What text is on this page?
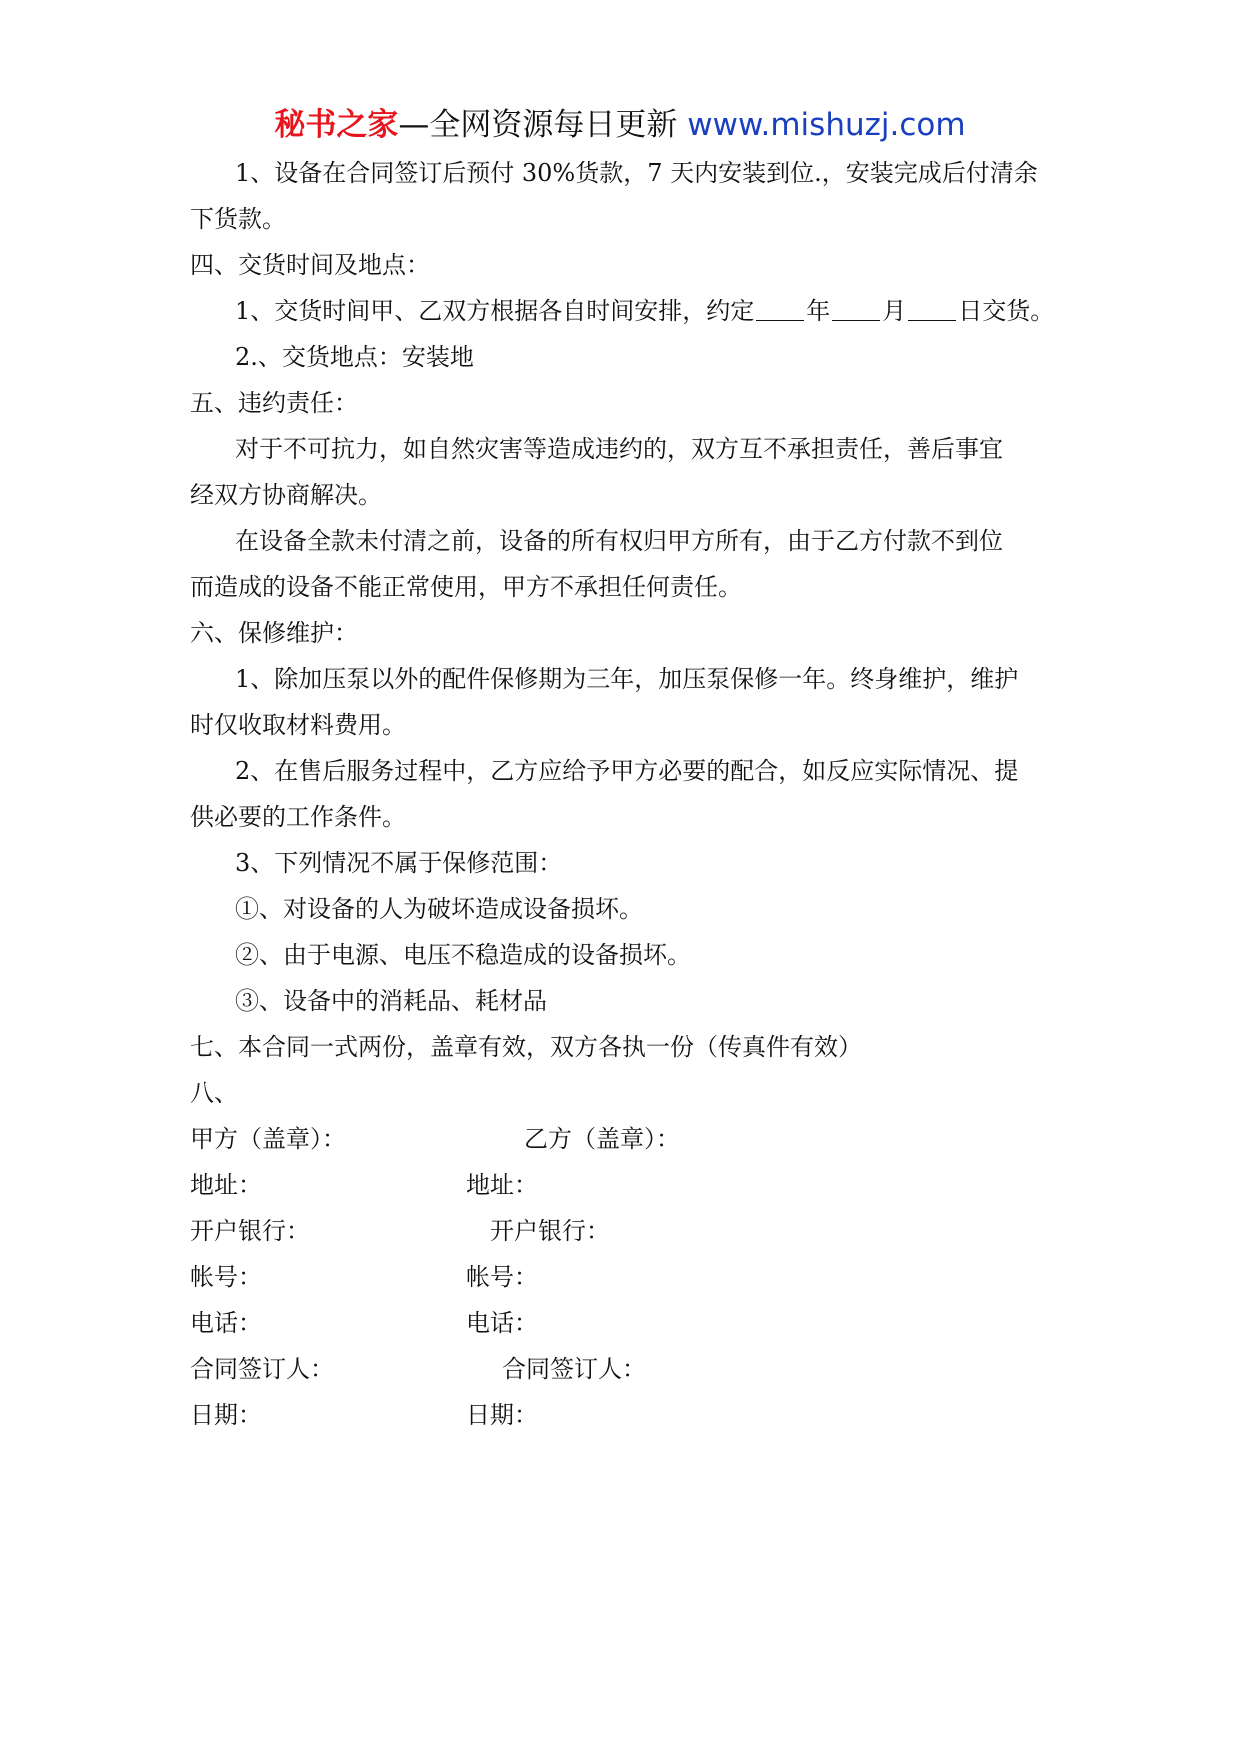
秘书之家—全网资源每日更新 www.mishuzj.com

1、设备在合同签订后预付 30%货款，7 天内安装到位.，安装完成后付清余

下货款。

四、交货时间及地点：

1、交货时间甲、乙双方根据各自时间安排，约定 年 月 日交货。

2.、交货地点：安装地

五、违约责任：

对于不可抗力，如自然灾害等造成违约的，双方互不承担责任，善后事宜

经双方协商解决。

在设备全款未付清之前，设备的所有权归甲方所有，由于乙方付款不到位

而造成的设备不能正常使用，甲方不承担任何责任。

六、保修维护：

1、除加压泵以外的配件保修期为三年，加压泵保修一年。终身维护，维护

时仅收取材料费用。

2、在售后服务过程中，乙方应给予甲方必要的配合，如反应实际情况、提

供必要的工作条件。

3、下列情况不属于保修范围：

①、对设备的人为破坏造成设备损坏。

②、由于电源、电压不稳造成的设备损坏。

③、设备中的消耗品、耗材品

七、本合同一式两份，盖章有效，双方各执一份（传真件有效）

八、

甲方（盖章）：	乙方（盖章）：
地址：	地址：
开户银行：	开户银行：
帐号：	帐号：
电话：	电话：
合同签订人：	合同签订人：
日期：	日期：
